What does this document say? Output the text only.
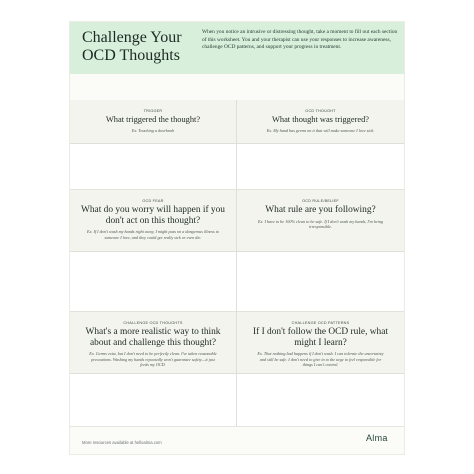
Challenge Your OCD Thoughts
When you notice an intrusive or distressing thought, take a moment to fill out each section of this worksheet. You and your therapist can use your responses to increase awareness, challenge OCD patterns, and support your progress in treatment.
TRIGGER
What triggered the thought?
Ex. Touching a doorknob
OCD THOUGHT
What thought was triggered?
Ex. My hand has germs on it that will make someone I love sick.
OCD FEAR
What do you worry will happen if you don't act on this thought?
Ex. If I don't wash my hands right away, I might pass on a dangerous illness to someone I love, and they could get really sick or even die.
OCD RULE/BELIEF
What rule are you following?
Ex. I have to be 100% clean to be safe. If I don't wash my hands, I'm being irresponsible.
CHALLENGE OCD THOUGHTS
What's a more realistic way to think about and challenge this thought?
Ex. Germs exist, but I don't need to be perfectly clean. I've taken reasonable precautions. Washing my hands repeatedly won't guarantee safety—it just feeds my OCD.
CHALLENGE OCD PATTERNS
If I don't follow the OCD rule, what might I learn?
Ex. That nothing bad happens if I don't wash. I can tolerate the uncertainty and still be safe. I don't need to give in to the urge to feel responsible for things I can't control.
More resources available at helloalma.com	Alma
